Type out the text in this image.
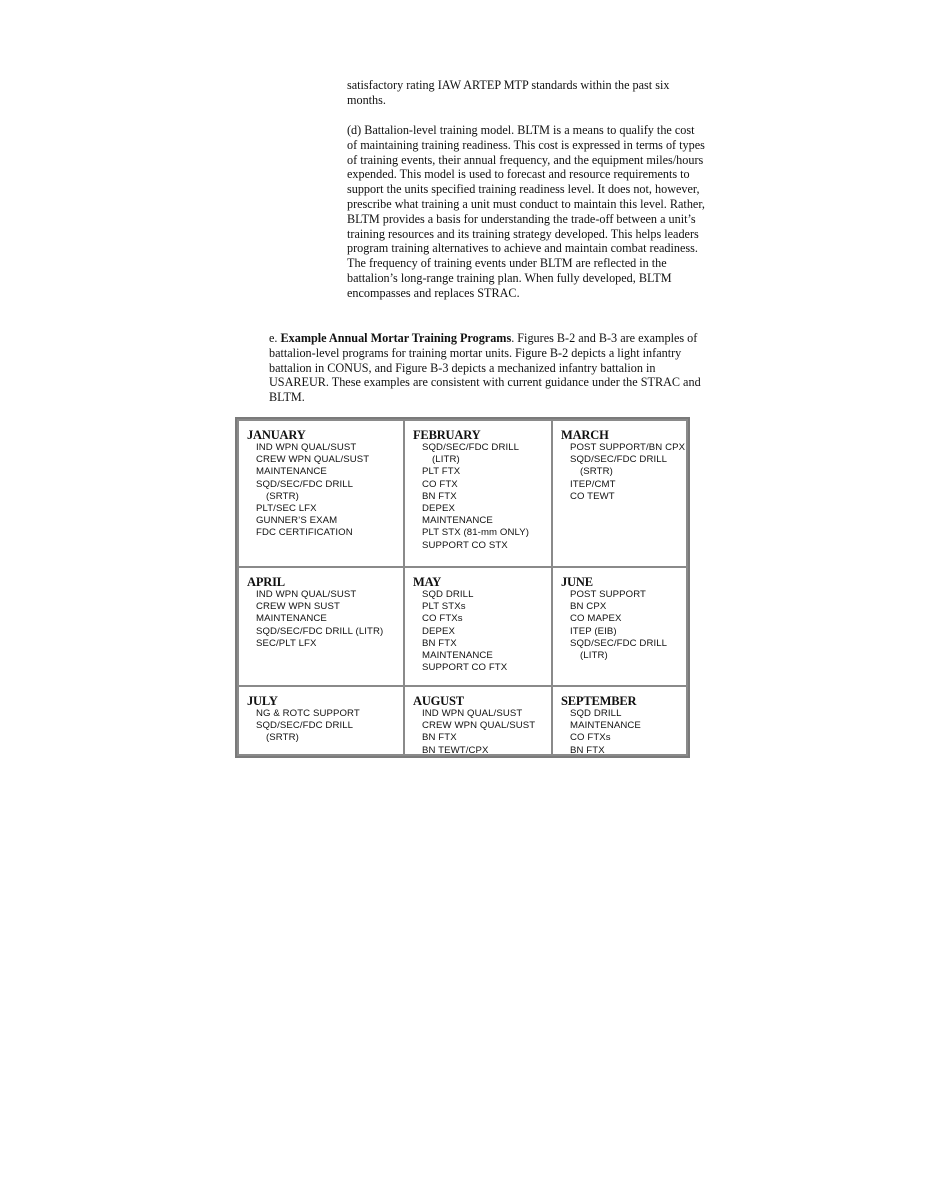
satisfactory rating IAW ARTEP MTP standards within the past six months.

(d) Battalion-level training model. BLTM is a means to qualify the cost of maintaining training readiness. This cost is expressed in terms of types of training events, their annual frequency, and the equipment miles/hours expended. This model is used to forecast and resource requirements to support the units specified training readiness level. It does not, however, prescribe what training a unit must conduct to maintain this level. Rather, BLTM provides a basis for understanding the trade-off between a unit’s training resources and its training strategy developed. This helps leaders program training alternatives to achieve and maintain combat readiness. The frequency of training events under BLTM are reflected in the battalion’s long-range training plan. When fully developed, BLTM encompasses and replaces STRAC.

e. Example Annual Mortar Training Programs. Figures B-2 and B-3 are examples of battalion-level programs for training mortar units. Figure B-2 depicts a light infantry battalion in CONUS, and Figure B-3 depicts a mechanized infantry battalion in USAREUR. These examples are consistent with current guidance under the STRAC and BLTM.

JANUARY
IND WPN QUAL/SUST
CREW WPN QUAL/SUST
MAINTENANCE
SQD/SEC/FDC DRILL
(SRTR)
PLT/SEC LFX
GUNNER’S EXAM
FDC CERTIFICATION
FEBRUARY
SQD/SEC/FDC DRILL
(LITR)
PLT FTX
CO FTX
BN FTX
DEPEX
MAINTENANCE
PLT STX (81-mm ONLY)
SUPPORT CO STX
MARCH
POST SUPPORT/BN CPX
SQD/SEC/FDC DRILL
(SRTR)
ITEP/CMT
CO TEWT
APRIL
IND WPN QUAL/SUST
CREW WPN SUST
MAINTENANCE
SQD/SEC/FDC DRILL (LITR)
SEC/PLT LFX
MAY
SQD DRILL
PLT STXs
CO FTXs
DEPEX
BN FTX
MAINTENANCE
SUPPORT CO FTX
JUNE
POST SUPPORT
BN CPX
CO MAPEX
ITEP (EIB)
SQD/SEC/FDC DRILL
(LITR)
JULY
NG & ROTC SUPPORT
SQD/SEC/FDC DRILL
(SRTR)
AUGUST
IND WPN QUAL/SUST
CREW WPN QUAL/SUST
BN FTX
BN TEWT/CPX
SEPTEMBER
SQD DRILL
MAINTENANCE
CO FTXs
BN FTX
